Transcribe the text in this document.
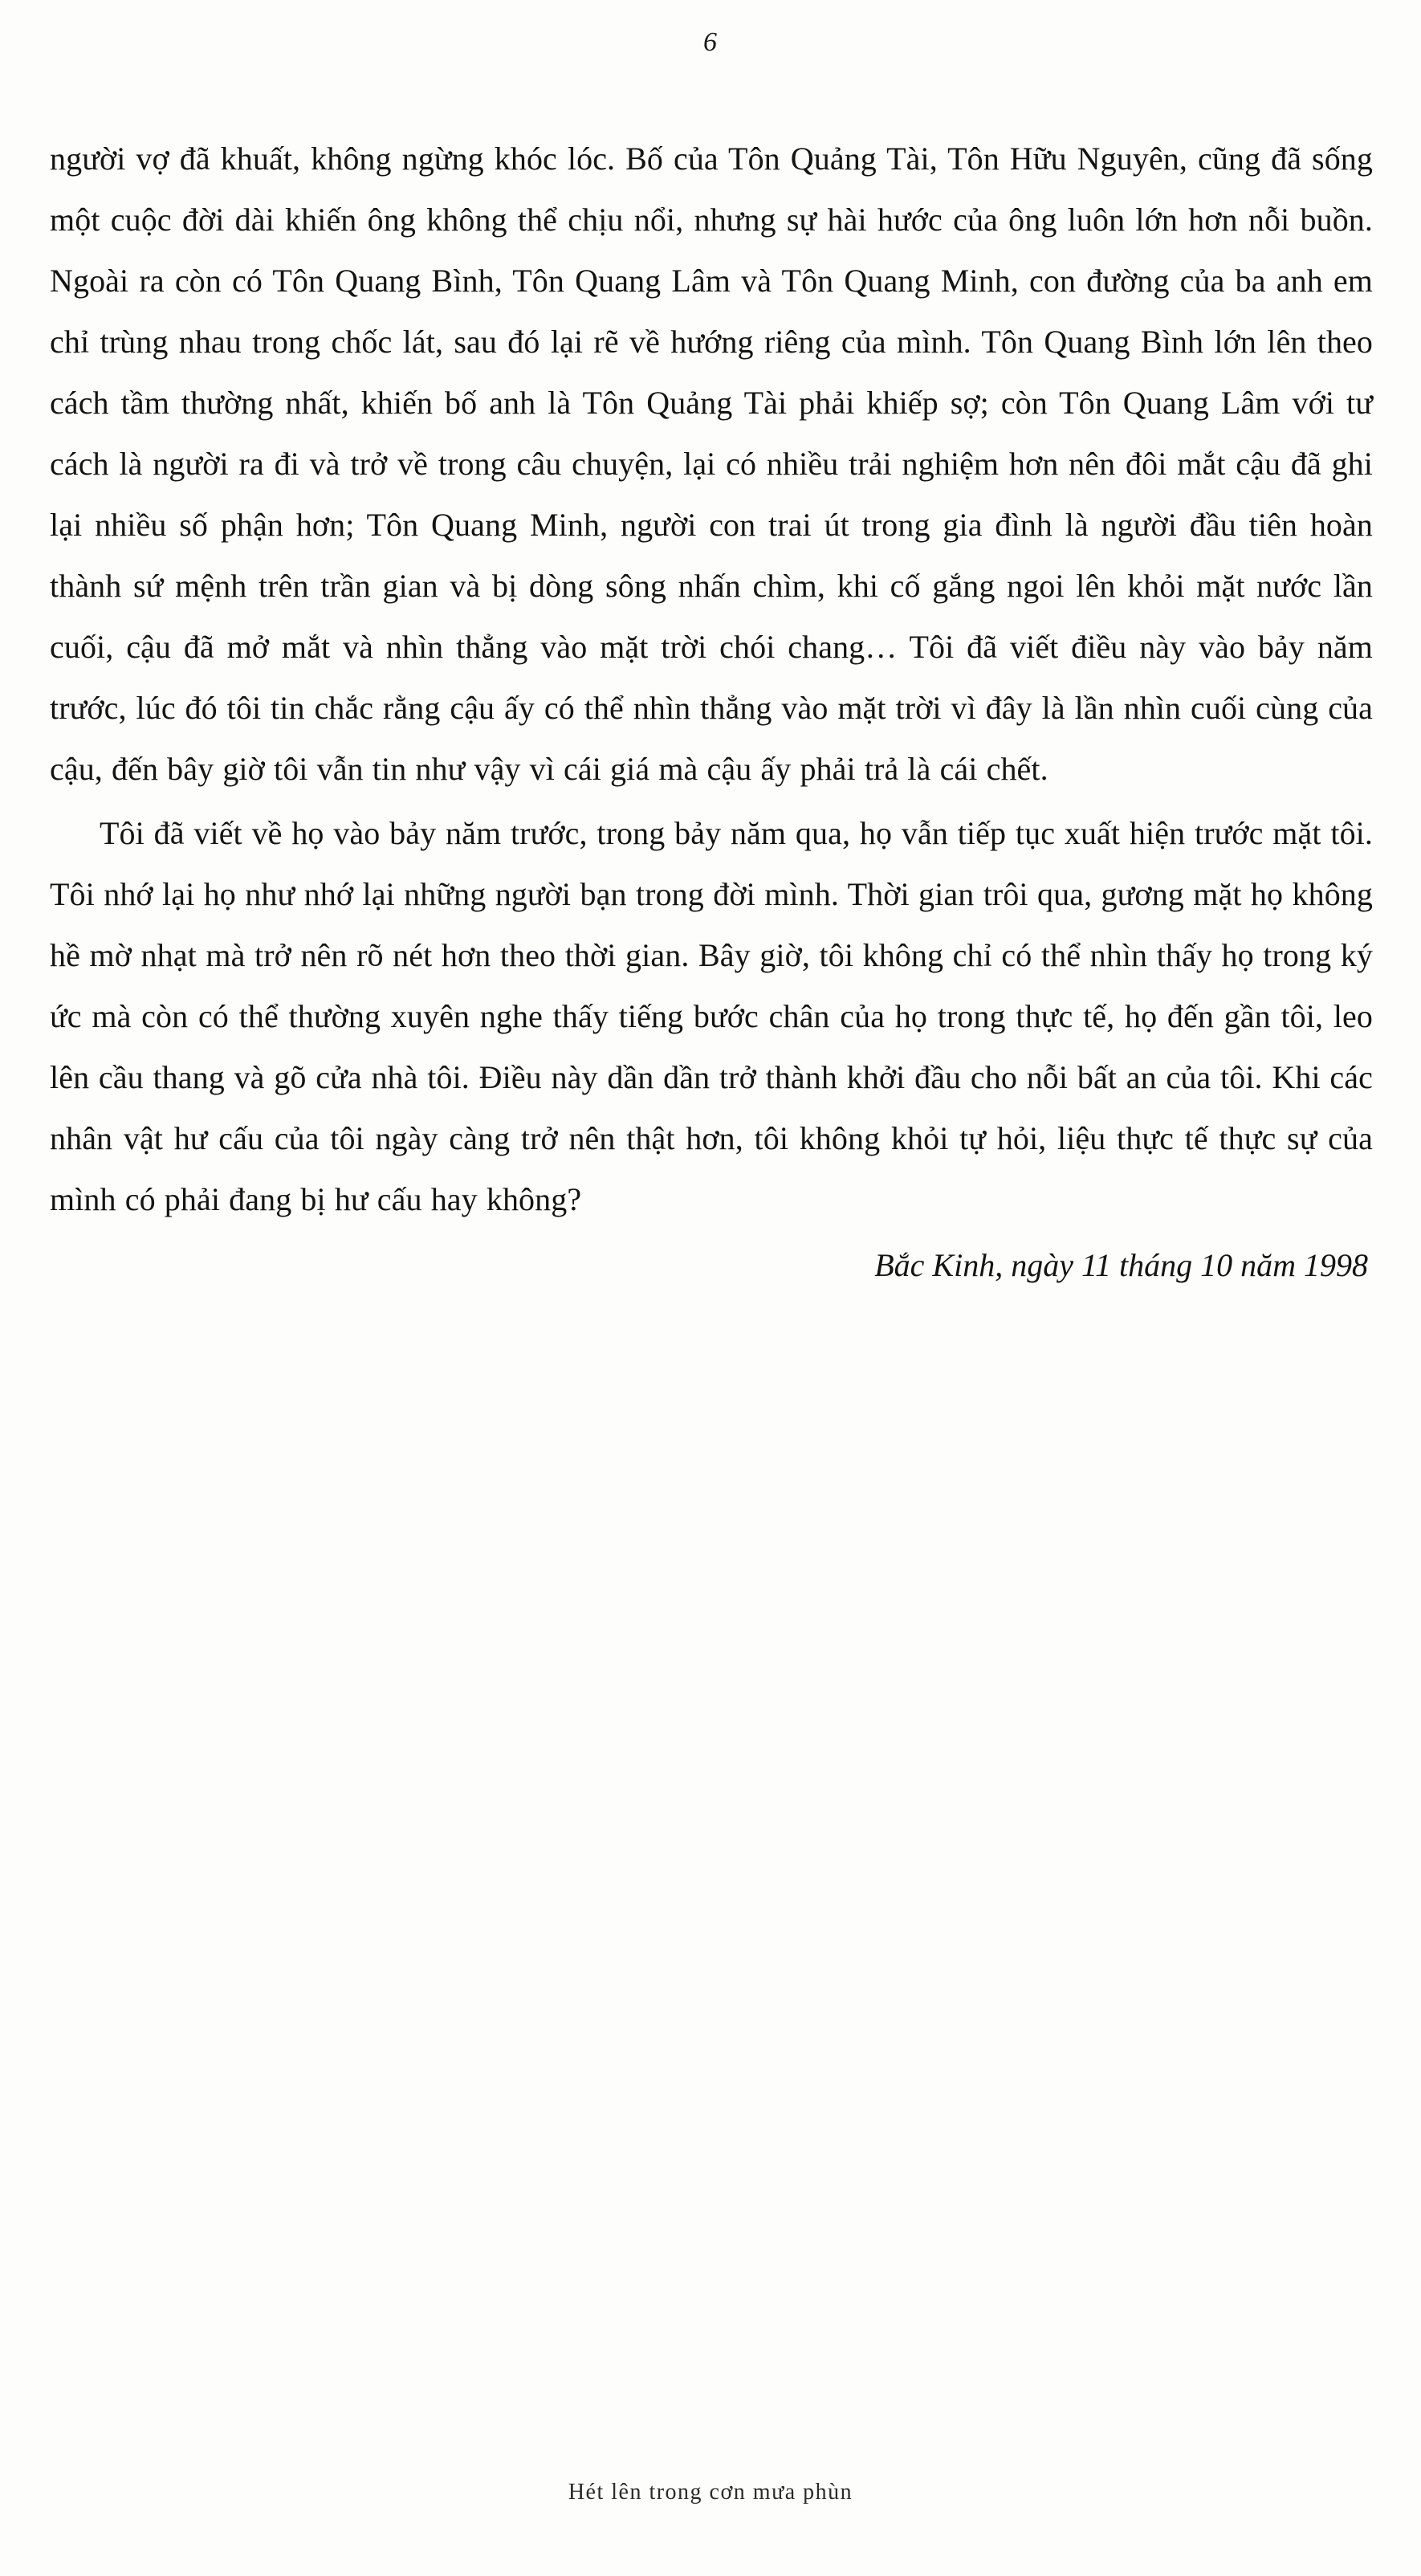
6

người vợ đã khuất, không ngừng khóc lóc. Bố của Tôn Quảng Tài, Tôn Hữu Nguyên, cũng đã sống một cuộc đời dài khiến ông không thể chịu nổi, nhưng sự hài hước của ông luôn lớn hơn nỗi buồn. Ngoài ra còn có Tôn Quang Bình, Tôn Quang Lâm và Tôn Quang Minh, con đường của ba anh em chỉ trùng nhau trong chốc lát, sau đó lại rẽ về hướng riêng của mình. Tôn Quang Bình lớn lên theo cách tầm thường nhất, khiến bố anh là Tôn Quảng Tài phải khiếp sợ; còn Tôn Quang Lâm với tư cách là người ra đi và trở về trong câu chuyện, lại có nhiều trải nghiệm hơn nên đôi mắt cậu đã ghi lại nhiều số phận hơn; Tôn Quang Minh, người con trai út trong gia đình là người đầu tiên hoàn thành sứ mệnh trên trần gian và bị dòng sông nhấn chìm, khi cố gắng ngoi lên khỏi mặt nước lần cuối, cậu đã mở mắt và nhìn thẳng vào mặt trời chói chang… Tôi đã viết điều này vào bảy năm trước, lúc đó tôi tin chắc rằng cậu ấy có thể nhìn thẳng vào mặt trời vì đây là lần nhìn cuối cùng của cậu, đến bây giờ tôi vẫn tin như vậy vì cái giá mà cậu ấy phải trả là cái chết.

Tôi đã viết về họ vào bảy năm trước, trong bảy năm qua, họ vẫn tiếp tục xuất hiện trước mặt tôi. Tôi nhớ lại họ như nhớ lại những người bạn trong đời mình. Thời gian trôi qua, gương mặt họ không hề mờ nhạt mà trở nên rõ nét hơn theo thời gian. Bây giờ, tôi không chỉ có thể nhìn thấy họ trong ký ức mà còn có thể thường xuyên nghe thấy tiếng bước chân của họ trong thực tế, họ đến gần tôi, leo lên cầu thang và gõ cửa nhà tôi. Điều này dần dần trở thành khởi đầu cho nỗi bất an của tôi. Khi các nhân vật hư cấu của tôi ngày càng trở nên thật hơn, tôi không khỏi tự hỏi, liệu thực tế thực sự của mình có phải đang bị hư cấu hay không?

Bắc Kinh, ngày 11 tháng 10 năm 1998
Hét lên trong cơn mưa phùn
